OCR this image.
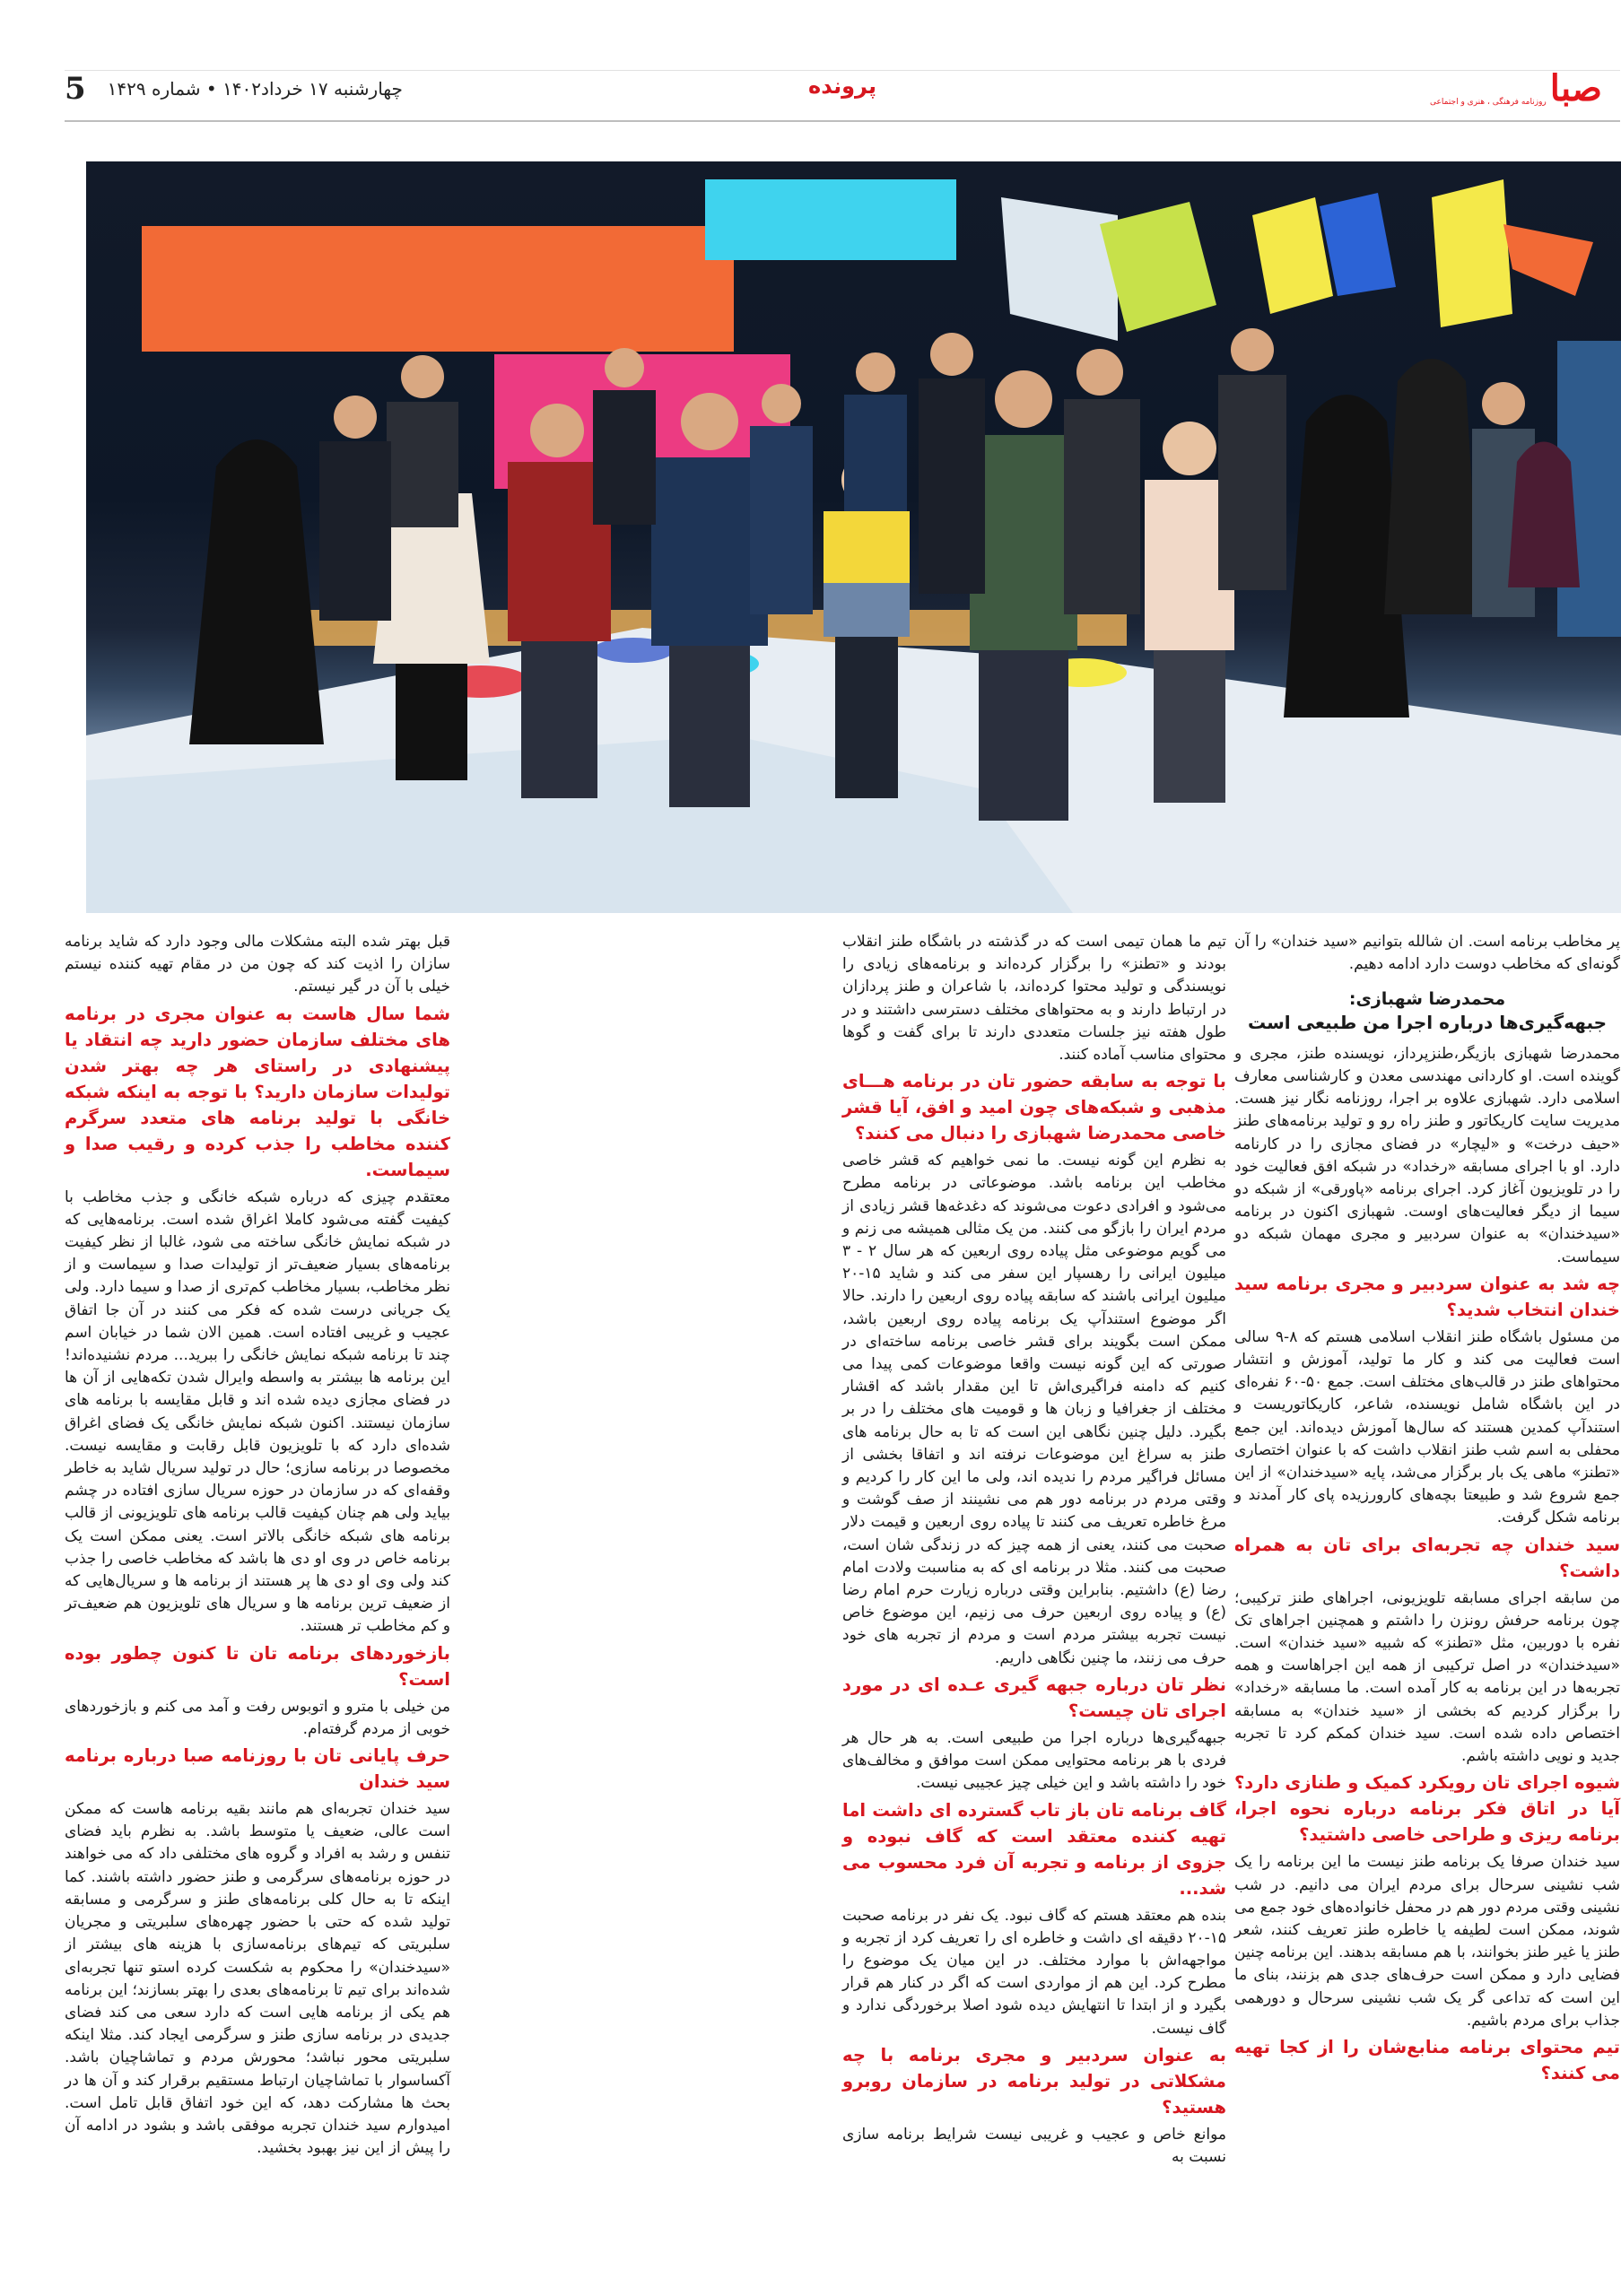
5 چهارشنبه ۱۷ خرداد۱۴۰۲ • شماره ۱۴۲۹	پرونده	صبا
روزنامه فرهنگی ، هنری و اجتماعی

پر مخاطب برنامه است. ان شالله بتوانیم «سید خندان» را آن گونه‌ای که مخاطب دوست دارد ادامه دهیم.

محمدرضا شهبازی:
جبهه‌گیری‌ها درباره اجرا من طبیعی است

محمدرضا شهبازی بازیگر،طنزپرداز، نویسنده طنز، مجری و گوینده است. او کاردانی مهندسی معدن و کارشناسی معارف اسلامی دارد. شهبازی علاوه بر اجرا، روزنامه نگار نیز هست. مدیریت سایت کاریکاتور و طنز راه رو و تولید برنامه‌های طنز «حیف درخت» و «لیچار» در فضای مجازی را در کارنامه دارد. او با اجرای مسابقه «رخداد» در شبکه افق فعالیت خود را در تلویزیون آغاز کرد. اجرای برنامه «پاورقی» از شبکه دو سیما از دیگر فعالیت‌های اوست. شهبازی اکنون در برنامه «سیدخندان» به عنوان سردبیر و مجری مهمان شبکه دو سیماست.

چه شد به عنوان سردبیر و مجری برنامه سید خندان انتخاب شدید؟

من مسئول باشگاه طنز انقلاب اسلامی هستم که ۸-۹ سالی است فعالیت می کند و کار ما تولید، آموزش و انتشار محتواهای طنز در قالب‌های مختلف است. جمع ۵۰-۶۰ نفره‌ای در این باشگاه شامل نویسنده، شاعر، کاریکاتوریست و استندآپ کمدین هستند که سال‌ها آموزش دیده‌اند. این جمع محفلی به اسم شب طنز انقلاب داشت که با عنوان اختصاری «تطنز» ماهی یک بار برگزار می‌شد، پایه «سیدخندان» از این جمع شروع شد و طبیعتا بچه‌های کارورزیده پای کار آمدند و برنامه شکل گرفت.

سید خندان چه تجربه‌ای برای تان به همراه داشت؟

من سابقه اجرای مسابقه تلویزیونی، اجراهای طنز ترکیبی؛ چون برنامه حرفش رونزن را داشتم و همچنین اجراهای تک نفره با دوربین، مثل «تطنز» که شبیه «سید خندان» است. «سیدخندان» در اصل ترکیبی از همه این اجراهاست و همه تجربه‌ها در این برنامه به کار آمده است. ما مسابقه «رخداد» را برگزار کردیم که بخشی از «سید خندان» به مسابقه اختصاص داده شده است. سید خندان کمکم کرد تا تجربه جدید و نویی داشته باشم.

شیوه اجرای تان رویکرد کمیک و طنازی دارد؟ آیا در اتاق فکر برنامه درباره نحوه اجرا، برنامه ریزی و طراحی خاصی داشتید؟

سید خندان صرفا یک برنامه طنز نیست ما این برنامه را یک شب نشینی سرحال برای مردم ایران می دانیم. در شب نشینی وقتی مردم دور هم در محفل خانواده‌های خود جمع می شوند، ممکن است لطیفه یا خاطره طنز تعریف کنند، شعر طنز یا غیر طنز بخوانند، با هم مسابقه بدهند. این برنامه چنین فضایی دارد و ممکن است حرف‌های جدی هم بزنند، بنای ما این است که تداعی گر یک شب نشینی سرحال و دورهمی جذاب برای مردم باشیم.

تیم محتوای برنامه منابع‌شان را از کجا تهیه می کنند؟

تیم ما همان تیمی است که در گذشته در باشگاه طنز انقلاب بودند و «تطنز» را برگزار کرده‌اند و برنامه‌های زیادی را نویسندگی و تولید محتوا کرده‌اند، با شاعران و طنز پردازان در ارتباط دارند و به محتواهای مختلف دسترسی داشتند و در طول هفته نیز جلسات متعددی دارند تا برای گفت و گوها محتوای مناسب آماده کنند.

با توجه به سابقه حضور تان در برنامه هـــای مذهبی و شبکه‌های چون امید و افق، آیا قشر خاصی محمدرضا شهبازی را دنبال می کنند؟

به نظرم این گونه نیست. ما نمی خواهیم که قشر خاصی مخاطب این برنامه باشد. موضوعاتی در برنامه مطرح می‌شود و افرادی دعوت می‌شوند که دغدغه‌ها قشر زیادی از مردم ایران را بازگو می کنند. من یک مثالی همیشه می زنم و می گویم موضوعی مثل پیاده روی اربعین که هر سال ۲ - ۳ میلیون ایرانی را رهسپار این سفر می کند و شاید ۱۵-۲۰ میلیون ایرانی باشند که سابقه پیاده روی اربعین را دارند. حالا اگر موضوع استندآپ یک برنامه پیاده روی اربعین باشد، ممکن است بگویند برای قشر خاصی برنامه ساخته‌ای در صورتی که این گونه نیست واقعا موضوعات کمی پیدا می کنیم که دامنه فراگیری‌اش تا این مقدار باشد که اقشار مختلف از جغرافیا و زبان ها و قومیت های مختلف را در بر بگیرد. دلیل چنین نگاهی این است که تا به حال برنامه های طنز به سراغ این موضوعات نرفته اند و اتفاقا بخشی از مسائل فراگیر مردم را ندیده اند، ولی ما این کار را کردیم و وقتی مردم در برنامه دور هم می نشینند از صف گوشت و مرغ خاطره تعریف می کنند تا پیاده روی اربعین و قیمت دلار صحبت می کنند، یعنی از همه چیز که در زندگی شان است، صحبت می کنند. مثلا در برنامه ای که به مناسبت ولادت امام رضا (ع) داشتیم. بنابراین وقتی درباره زیارت حرم امام رضا (ع) و پیاده روی اربعین حرف می زنیم، این موضوع خاص نیست تجربه بیشتر مردم است و مردم از تجربه های خود حرف می زنند، ما چنین نگاهی داریم.

نظر تان درباره جبهه گیری عـده ای در مورد اجرای تان چیست؟

جبهه‌گیری‌ها درباره اجرا من طبیعی است. به هر حال هر فردی با هر برنامه محتوایی ممکن است موافق و مخالف‌های خود را داشته باشد و این خیلی چیز عجیبی نیست.

گاف برنامه تان باز تاب گسترده ای داشت اما تهیه کننده معتقد است که گاف نبوده و جزوی از برنامه و تجربه آن فرد محسوب می شد...

بنده هم معتقد هستم که گاف نبود. یک نفر در برنامه صحبت ۱۵-۲۰ دقیقه ای داشت و خاطره ای را تعریف کرد از تجربه و مواجهه‌اش با موارد مختلف. در این میان یک موضوع را مطرح کرد. این هم از مواردی است که اگر در کنار هم قرار بگیرد و از ابتدا تا انتهایش دیده شود اصلا برخوردگی ندارد و گاف نیست.

به عنوان سردبیر و مجری برنامه با چه مشکلاتی در تولید برنامه در سازمان روبرو هستید؟

موانع خاص و عجیب و غریبی نیست شرایط برنامه سازی نسبت به

قبل بهتر شده البته مشکلات مالی وجود دارد که شاید برنامه سازان را اذیت کند که چون من در مقام تهیه کننده نیستم خیلی با آن در گیر نیستم.

شما سال هاست به عنوان مجری در برنامه های مختلف سازمان حضور دارید چه انتقاد یا پیشنهادی در راستای هر چه بهتر شدن تولیدات سازمان دارید؟ با توجه به اینکه شبکه خانگی با تولید برنامه های متعدد سرگرم کننده مخاطب را جذب کرده و رقیب صدا و سیماست.

معتقدم چیزی که درباره شبکه خانگی و جذب مخاطب با کیفیت گفته می‌شود کاملا اغراق شده است. برنامه‌هایی که در شبکه نمایش خانگی ساخته می شود، غالبا از نظر کیفیت برنامه‌های بسیار ضعیف‌تر از تولیدات صدا و سیماست و از نظر مخاطب، بسیار مخاطب کم‌تری از صدا و سیما دارد. ولی یک جریانی درست شده که فکر می کنند در آن جا اتفاق عجیب و غریبی افتاده است. همین الان شما در خیابان اسم چند تا برنامه شبکه نمایش خانگی را ببرید... مردم نشنیده‌اند! این برنامه ها بیشتر به واسطه وایرال شدن تکه‌هایی از آن ها در فضای مجازی دیده شده اند و قابل مقایسه با برنامه های سازمان نیستند. اکنون شبکه نمایش خانگی یک فضای اغراق شده‌ای دارد که با تلویزیون قابل رقابت و مقایسه نیست. مخصوصا در برنامه سازی؛ حال در تولید سریال شاید به خاطر وقفه‌ای که در سازمان در حوزه سریال سازی افتاده در چشم بیاید ولی هم چنان کیفیت قالب برنامه های تلویزیونی از قالب برنامه های شبکه خانگی بالاتر است. یعنی ممکن است یک برنامه خاص در وی او دی ها باشد که مخاطب خاصی را جذب کند ولی وی او دی ها پر هستند از برنامه ها و سریال‌هایی که از ضعیف ترین برنامه ها و سریال های تلویزیون هم ضعیف‌تر و کم مخاطب تر هستند.

بازخوردهای برنامه تان تا کنون چطور بوده است؟

من خیلی با مترو و اتوبوس رفت و آمد می کنم و بازخوردهای خوبی از مردم گرفته‌ام.

حرف پایانی تان با روزنامه صبا درباره برنامه سید خندان

سید خندان تجربه‌ای هم مانند بقیه برنامه هاست که ممکن است عالی، ضعیف یا متوسط باشد. به نظرم باید فضای تنفس و رشد به افراد و گروه های مختلفی داد که می خواهند در حوزه برنامه‌های سرگرمی و طنز حضور داشته باشند. کما اینکه تا به حال کلی برنامه‌های طنز و سرگرمی و مسابقه تولید شده که حتی با حضور چهره‌های سلبریتی و مجریان سلبریتی که تیم‌های برنامه‌سازی با هزینه های بیشتر از «سیدخندان» را محکوم به شکست کرده استو تنها تجربه‌ای شده‌اند برای تیم تا برنامه‌های بعدی را بهتر بسازند؛ این برنامه هم یکی از برنامه هایی است که دارد سعی می کند فضای جدیدی در برنامه سازی طنز و سرگرمی ایجاد کند. مثلا اینکه سلبریتی محور نباشد؛ محورش مردم و تماشاچیان باشد. آکساسوار با تماشاچیان ارتباط مستقیم برقرار کند و آن ها در بحث ها مشارکت دهد، که این خود اتفاق قابل تامل است. امیدوارم سید خندان تجربه موفقی باشد و بشود در ادامه آن را پیش از این نیز بهبود بخشید.
